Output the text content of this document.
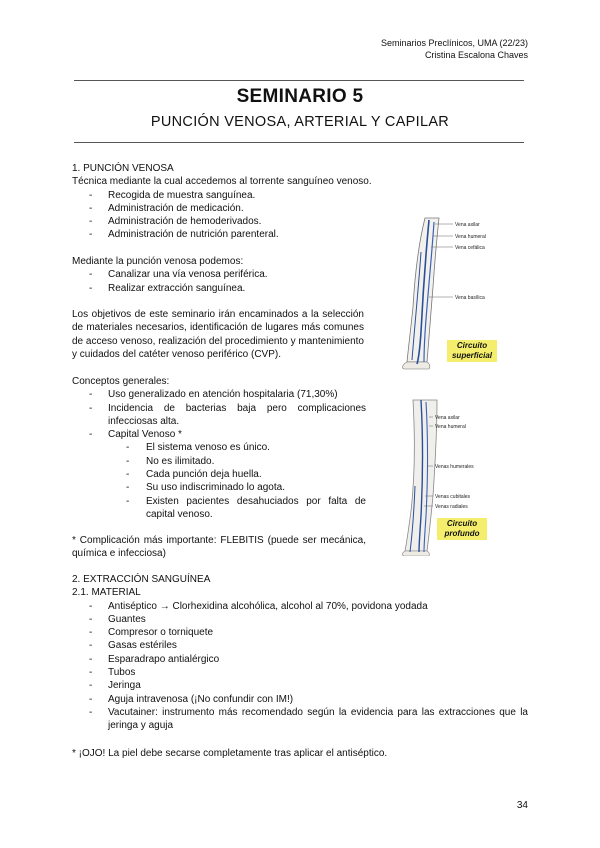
Seminarios Preclínicos, UMA (22/23)
Cristina Escalona Chaves
SEMINARIO 5
PUNCIÓN VENOSA, ARTERIAL Y CAPILAR
1. PUNCIÓN VENOSA
Técnica mediante la cual accedemos al torrente sanguíneo venoso.
- Recogida de muestra sanguínea.
- Administración de medicación.
- Administración de hemoderivados.
- Administración de nutrición parenteral.
Mediante la punción venosa podemos:
- Canalizar una vía venosa periférica.
- Realizar extracción sanguínea.
Los objetivos de este seminario irán encaminados a la selección de materiales necesarios, identificación de lugares más comunes de acceso venoso, realización del procedimiento y mantenimiento y cuidados del catéter venoso periférico (CVP).
Conceptos generales:
- Uso generalizado en atención hospitalaria (71,30%)
- Incidencia de bacterias baja pero complicaciones infecciosas alta.
- Capital Venoso *
- El sistema venoso es único.
- No es ilimitado.
- Cada punción deja huella.
- Su uso indiscriminado lo agota.
- Existen pacientes desahuciados por falta de capital venoso.
* Complicación más importante: FLEBITIS (puede ser mecánica, química e infecciosa)
2. EXTRACCIÓN SANGUÍNEA
2.1. MATERIAL
- Antiséptico → Clorhexidina alcohólica, alcohol al 70%, povidona yodada
- Guantes
- Compresor o torniquete
- Gasas estériles
- Esparadrapo antialérgico
- Tubos
- Jeringa
- Aguja intravenosa (¡No confundir con IM!)
- Vacutainer: instrumento más recomendado según la evidencia para las extracciones que la jeringa y aguja
* ¡OJO! La piel debe secarse completamente tras aplicar el antiséptico.
Vena axilar
Vena humeral
Vena cefálica
Vena basílica
Circuito
superficial
Vena axilar
Vena humeral
Venas humerales
Venas cubitales
Venas radiales
Circuito
profundo
34
